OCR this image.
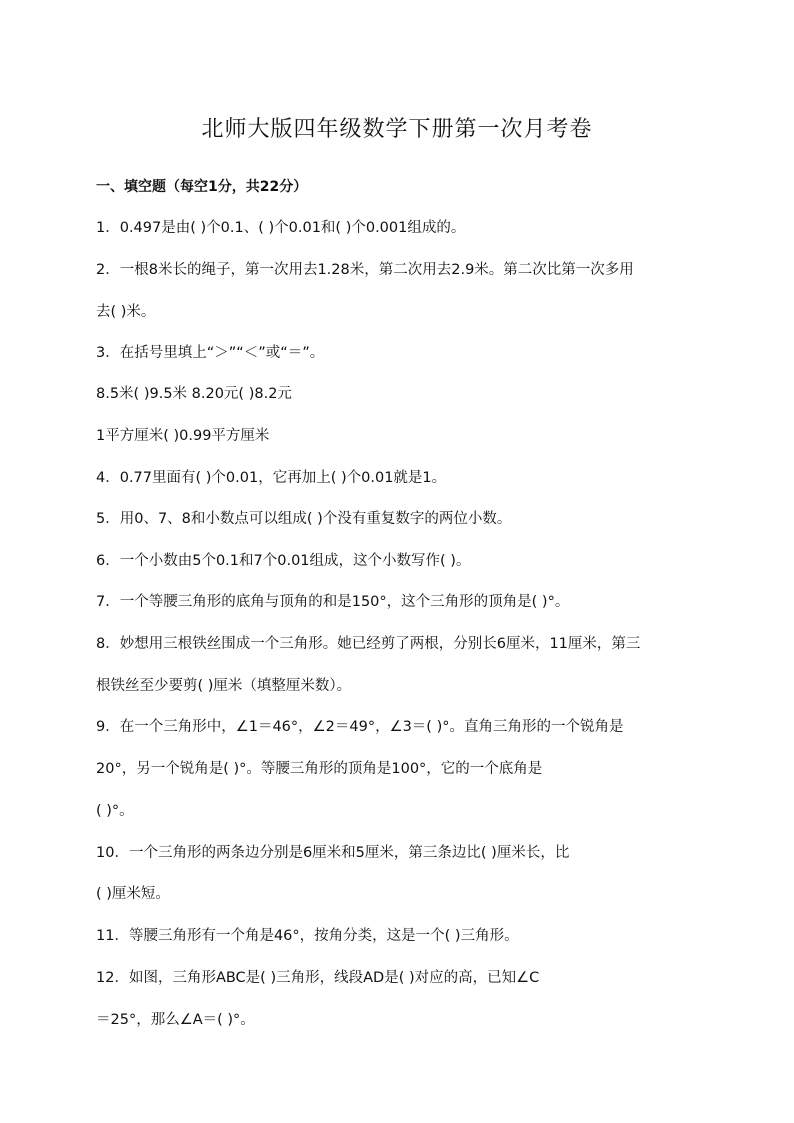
北师大版四年级数学下册第一次月考卷
一、填空题（每空1分，共22分）
1．0.497是由( )个0.1、( )个0.01和( )个0.001组成的。
2．一根8米长的绳子，第一次用去1.28米，第二次用去2.9米。第二次比第一次多用
去( )米。
3．在括号里填上“＞”“＜”或“＝”。
8.5米( )9.5米 8.20元( )8.2元
1平方厘米( )0.99平方厘米
4．0.77里面有( )个0.01，它再加上( )个0.01就是1。
5．用0、7、8和小数点可以组成( )个没有重复数字的两位小数。
6．一个小数由5个0.1和7个0.01组成，这个小数写作( )。
7．一个等腰三角形的底角与顶角的和是150°，这个三角形的顶角是( )°。
8．妙想用三根铁丝围成一个三角形。她已经剪了两根，分别长6厘米，11厘米，第三
根铁丝至少要剪( )厘米（填整厘米数）。
9．在一个三角形中，∠1＝46°，∠2＝49°，∠3＝( )°。直角三角形的一个锐角是
20°，另一个锐角是( )°。等腰三角形的顶角是100°，它的一个底角是
( )°。
10．一个三角形的两条边分别是6厘米和5厘米，第三条边比( )厘米长，比
( )厘米短。
11．等腰三角形有一个角是46°，按角分类，这是一个( )三角形。
12．如图，三角形ABC是( )三角形，线段AD是( )对应的高，已知∠C
＝25°，那么∠A＝( )°。
